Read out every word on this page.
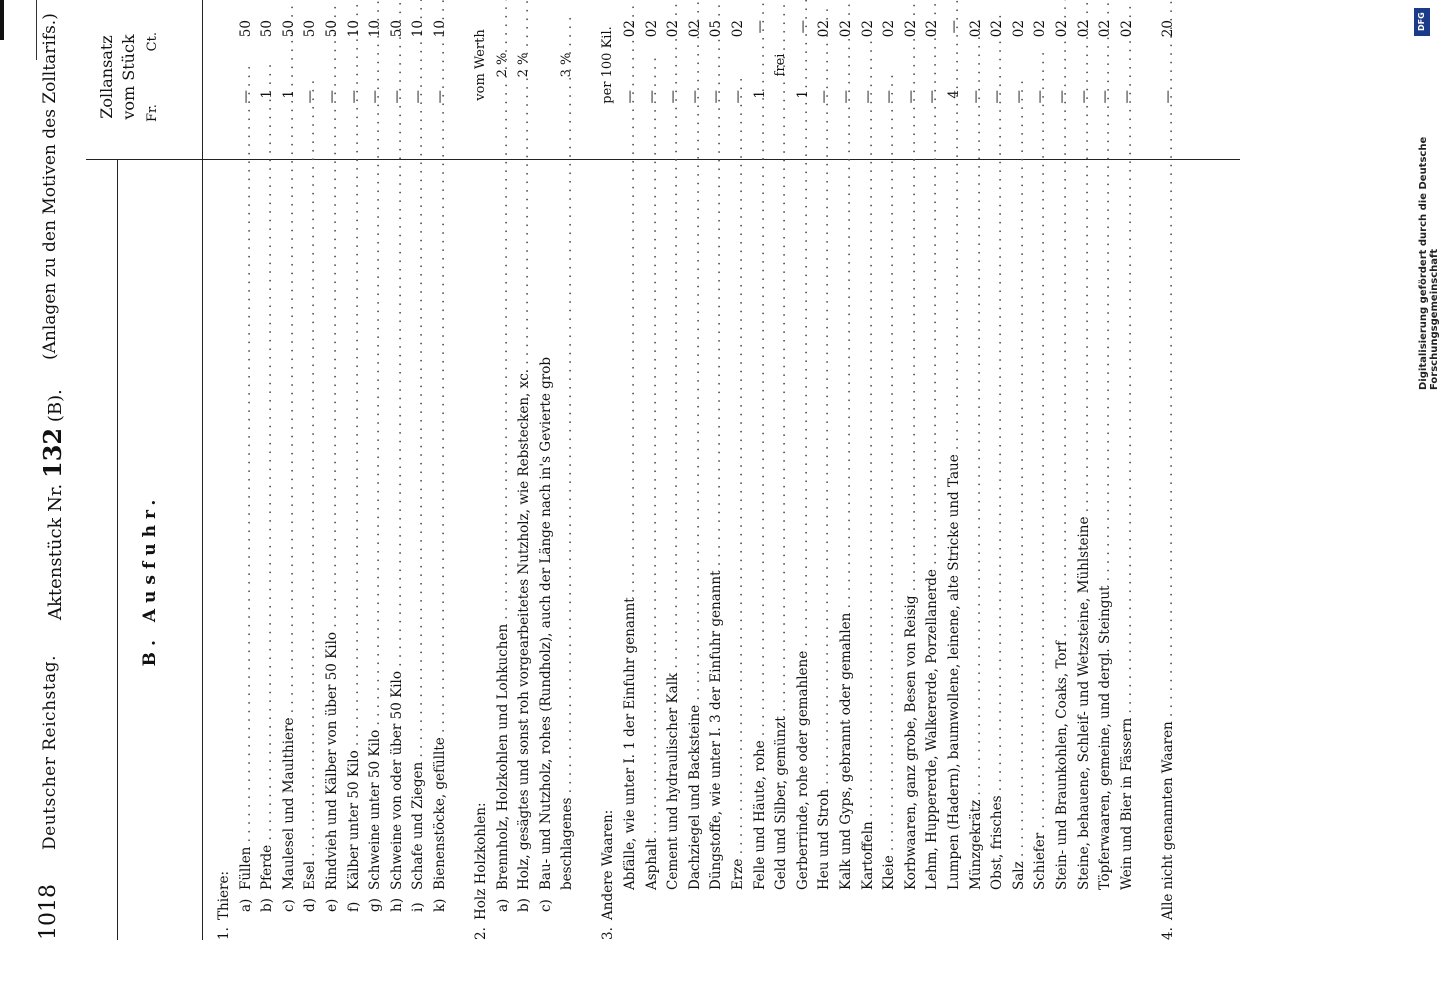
1018
Deutscher Reichstag.
Aktenstück Nr. 132 (B).
(Anlagen zu den Motiven des Zolltarifs.)
B. Ausfuhr.
Zollansatz vom Stück Fr.
Ct.
1.
Thiere: a)
Füllen . . .
—
50
b)
Pferde . . .
1
50
c)
Maulesel und Maulthiere . . .
1
50
d)
Esel . . .
—
50
e)
Rindvieh und Kälber von über 50 Kilo . . .
—
50
f)
Kälber unter 50 Kilo . . .
—
10
g)
Schweine unter 50 Kilo . . .
—
10
h)
Schweine von oder über 50 Kilo . . .
—
50
i)
Schafe und Ziegen . . .
—
10
k)
Bienenstöcke, gefüllte . . .
—
10
2.
Holz Holzkohlen:
vom Werth
a)
Brennholz, Holzkohlen und Lohkuchen . . .
2 %
b)
Holz, gesägtes und sonst roh vorgearbeitetes Nutzholz, wie Rebstecken, xc. . . .
2 %
c)
Bau- und Nutzholz, rohes (Rundholz), auch der Länge nach in's Gevierte grob beschlagenes . . .
3 %
3.
Andere Waaren:
per 100 Kil.
Abfälle, wie unter I. 1 der Einfuhr genannt . . .
—
02
Asphalt . . .
—
02
Cement und hydraulischer Kalk . . .
—
02
Dachziegel und Backsteine . . .
—
02
Düngstoffe, wie unter I. 3 der Einfuhr genannt . . .
—
05
Erze . . .
—
02
Felle und Häute, rohe . . .
1
—
Geld und Silber, gemünzt . . .
frei
Gerberrinde, rohe oder gemahlene . . .
1
—
Heu und Stroh . . .
—
02
Kalk und Gyps, gebrannt oder gemahlen . . .
—
02
Kartoffeln . . .
—
02
Kleie . . .
—
02
Korbwaaren, ganz grobe, Besen von Reisig . . .
—
02
Lehm, Huppererde, Walkererde, Porzellanerde . . .
—
02
Lumpen (Hadern), baumwollene, leinene, alte Stricke und Taue . . .
4
—
Münzgekrätz . . .
—
02
Obst, frisches . . .
—
02
Salz . . .
—
02
Schiefer . . .
—
02
Stein- und Braunkohlen, Coaks, Torf . . .
—
02
Steine, behauene, Schleif- und Wetzsteine, Mühlsteine . . .
—
02
Töpferwaaren, gemeine, und dergl. Steingut . . .
—
02
Wein und Bier in Fässern . . .
—
02
4.
Alle nicht genannten Waaren . . .
—
20	DFG
Digitalisierung gefördert durch die Deutsche Forschungsgemeinschaft
